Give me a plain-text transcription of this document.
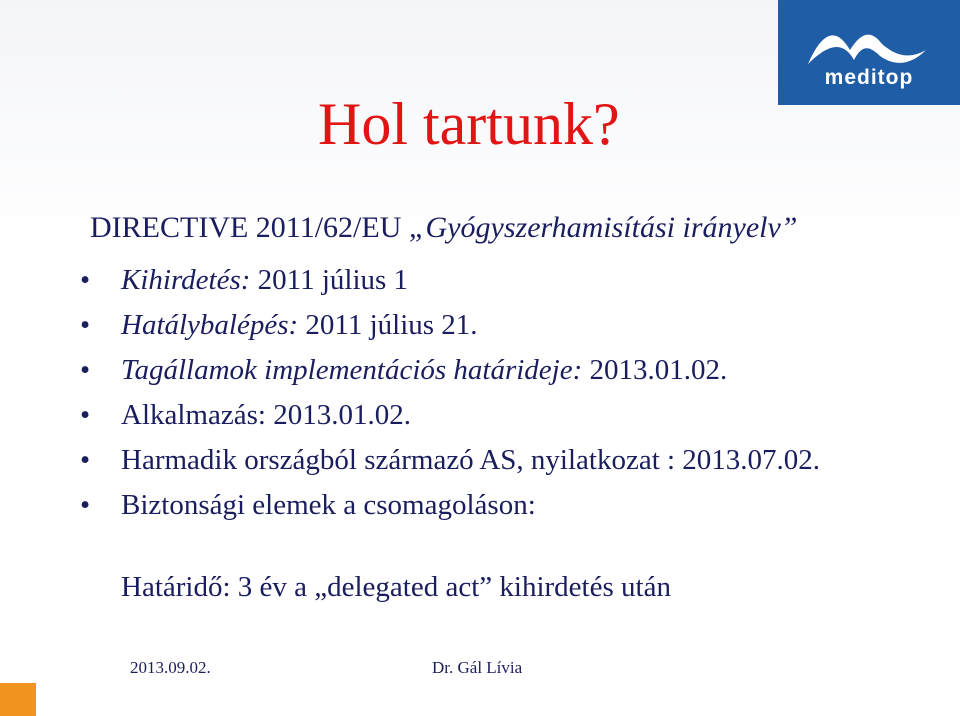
meditop
Hol tartunk?
DIRECTIVE 2011/62/EU „Gyógyszerhamisítási irányelv”
• Kihirdetés: 2011 július 1
• Hatálybalépés: 2011 július 21.
• Tagállamok implementációs határideje: 2013.01.02.
• Alkalmazás: 2013.01.02.
• Harmadik országból származó AS, nyilatkozat : 2013.07.02.
• Biztonsági elemek a csomagoláson:
Határidő: 3 év a „delegated act” kihirdetés után
2013.09.02.	Dr. Gál Lívia
